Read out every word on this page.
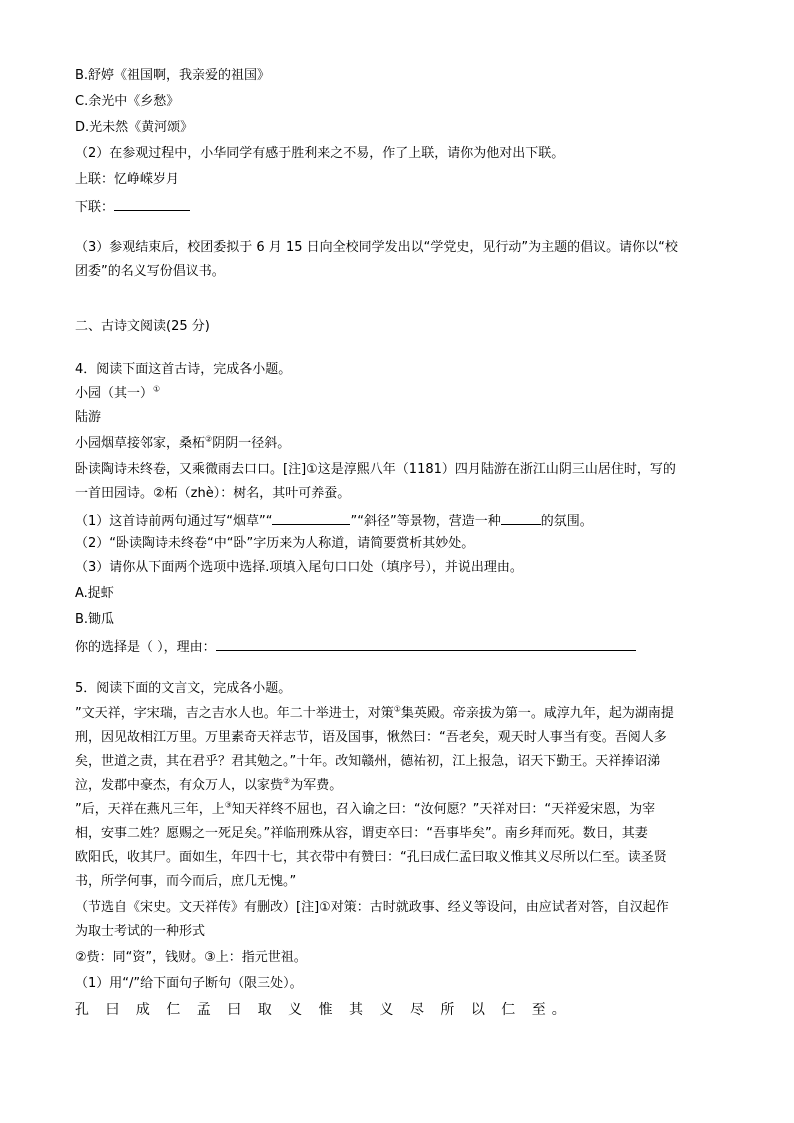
B.舒婷《祖国啊，我亲爱的祖国》
C.余光中《乡愁》
D.光未然《黄河颂》
（2）在参观过程中，小华同学有感于胜利来之不易，作了上联，请你为他对出下联。
上联：忆峥嵘岁月
下联：
（3）参观结束后，校团委拟于 6 月 15 日向全校同学发出以“学党史，见行动”为主题的倡议。请你以“校
团委”的名义写份倡议书。
二、古诗文阅读(25 分)
4．阅读下面这首古诗，完成各小题。
小园（其一）①
陆游
小园烟草接邻家，桑柘②阴阴一径斜。
卧读陶诗未终卷，又乘微雨去口口。[注]①这是淳熙八年（1181）四月陆游在浙江山阴三山居住时，写的
一首田园诗。②柘（zhè）：树名，其叶可养蚕。
（1）这首诗前两句通过写“烟草”“	”“斜径”等景物，营造一种	的氛围。
（2）“卧读陶诗未终卷“中“卧”字历来为人称道，请简要赏析其妙处。
（3）请你从下面两个选项中选择.项填入尾句口口处（填序号），并说出理由。
A.捉虾
B.锄瓜
你的选择是（ ），理由：
5．阅读下面的文言文，完成各小题。
”文天祥，字宋瑞，吉之吉水人也。年二十举进士，对策①集英殿。帝亲拔为第一。咸淳九年，起为湖南提
刑，因见故相江万里。万里素奇天祥志节，语及国事，愀然曰：“吾老矣，观天时人事当有变。吾阅人多
矣，世道之责，其在君乎？君其勉之。”十年。改知赣州，德祐初，江上报急，诏天下勤王。天祥捧诏涕
泣，发郡中豪杰，有众万人，以家赀②为军费。
”后，天祥在燕凡三年，上③知天祥终不屈也，召入谕之曰：“汝何愿？”天祥对曰：“天祥爱宋恩，为宰
相，安事二姓？愿赐之一死足矣。”祥临刑殊从容，谓吏卒曰：“吾事毕矣”。南乡拜而死。数日，其妻
欧阳氏，收其尸。面如生，年四十七，其衣带中有赞曰：“孔曰成仁孟曰取义惟其义尽所以仁至。读圣贤
书，所学何事，而今而后，庶几无愧。”
（节选自《宋史。文天祥传》有删改）[注]①对策：古时就政事、经义等设问，由应试者对答，自汉起作
为取士考试的一种形式
②赀：同“资”，钱财。③上：指元世祖。
（1）用“/”给下面句子断句（限三处）。
孔 曰 成 仁 孟 曰 取 义 惟 其 义 尽 所 以 仁 至。
